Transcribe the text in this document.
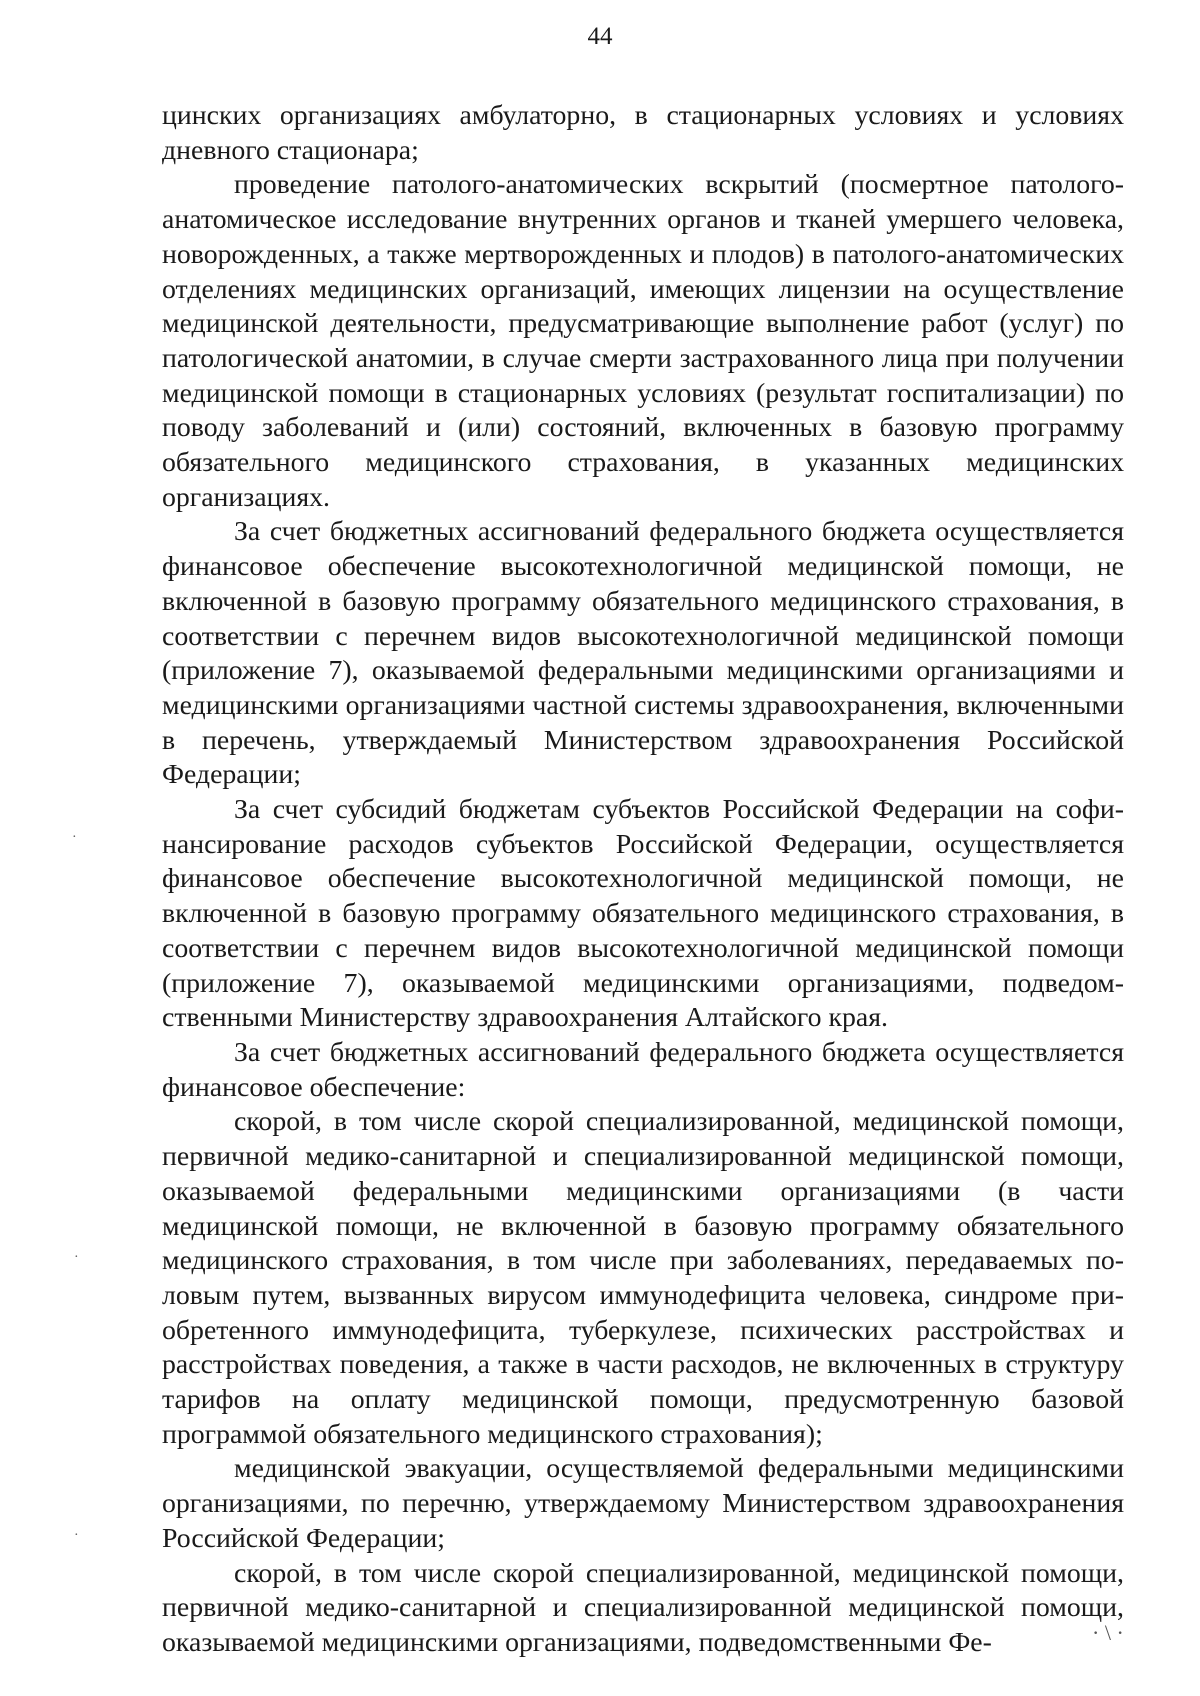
44

цинских организациях амбулаторно, в стационарных условиях и условиях дневного стационара;

проведение патолого-анатомических вскрытий (посмертное патолого-анатомическое исследование внутренних органов и тканей умершего человека, новорожденных, а также мертворожденных и плодов) в патолого-анатомических отделениях медицинских организаций, имеющих лицензии на осуществление медицинской деятельности, предусматривающие выполнение работ (услуг) по патологической анатомии, в случае смерти застрахованного лица при получении медицинской помощи в стационарных условиях (результат госпитализации) по поводу заболеваний и (или) состояний, включенных в базовую программу обязательного медицинского страхования, в указанных медицинских организациях.

За счет бюджетных ассигнований федерального бюджета осуществляется финансовое обеспечение высокотехнологичной медицинской помощи, не включенной в базовую программу обязательного медицинского страхования, в соответствии с перечнем видов высокотехнологичной медицинской помощи (приложение 7), оказываемой федеральными медицинскими организациями и медицинскими организациями частной системы здравоохранения, включенными в перечень, утверждаемый Министерством здравоохранения Российской Федерации;

За счет субсидий бюджетам субъектов Российской Федерации на софинансирование расходов субъектов Российской Федерации, осуществляется финансовое обеспечение высокотехнологичной медицинской помощи, не включенной в базовую программу обязательного медицинского страхования, в соответствии с перечнем видов высокотехнологичной медицинской помощи (приложение 7), оказываемой медицинскими организациями, подведомственными Министерству здравоохранения Алтайского края.

За счет бюджетных ассигнований федерального бюджета осуществляется финансовое обеспечение:

скорой, в том числе скорой специализированной, медицинской помощи, первичной медико-санитарной и специализированной медицинской помощи, оказываемой федеральными медицинскими организациями (в части медицинской помощи, не включенной в базовую программу обязательного медицинского страхования, в том числе при заболеваниях, передаваемых половым путем, вызванных вирусом иммунодефицита человека, синдроме приобретенного иммунодефицита, туберкулезе, психических расстройствах и расстройствах поведения, а также в части расходов, не включенных в структуру тарифов на оплату медицинской помощи, предусмотренную базовой программой обязательного медицинского страхования);

медицинской эвакуации, осуществляемой федеральными медицинскими организациями, по перечню, утверждаемому Министерством здравоохранения Российской Федерации;

скорой, в том числе скорой специализированной, медицинской помощи, первичной медико-санитарной и специализированной медицинской помощи, оказываемой медицинскими организациями, подведомственными Фе-

·
·
·
· \ ·
